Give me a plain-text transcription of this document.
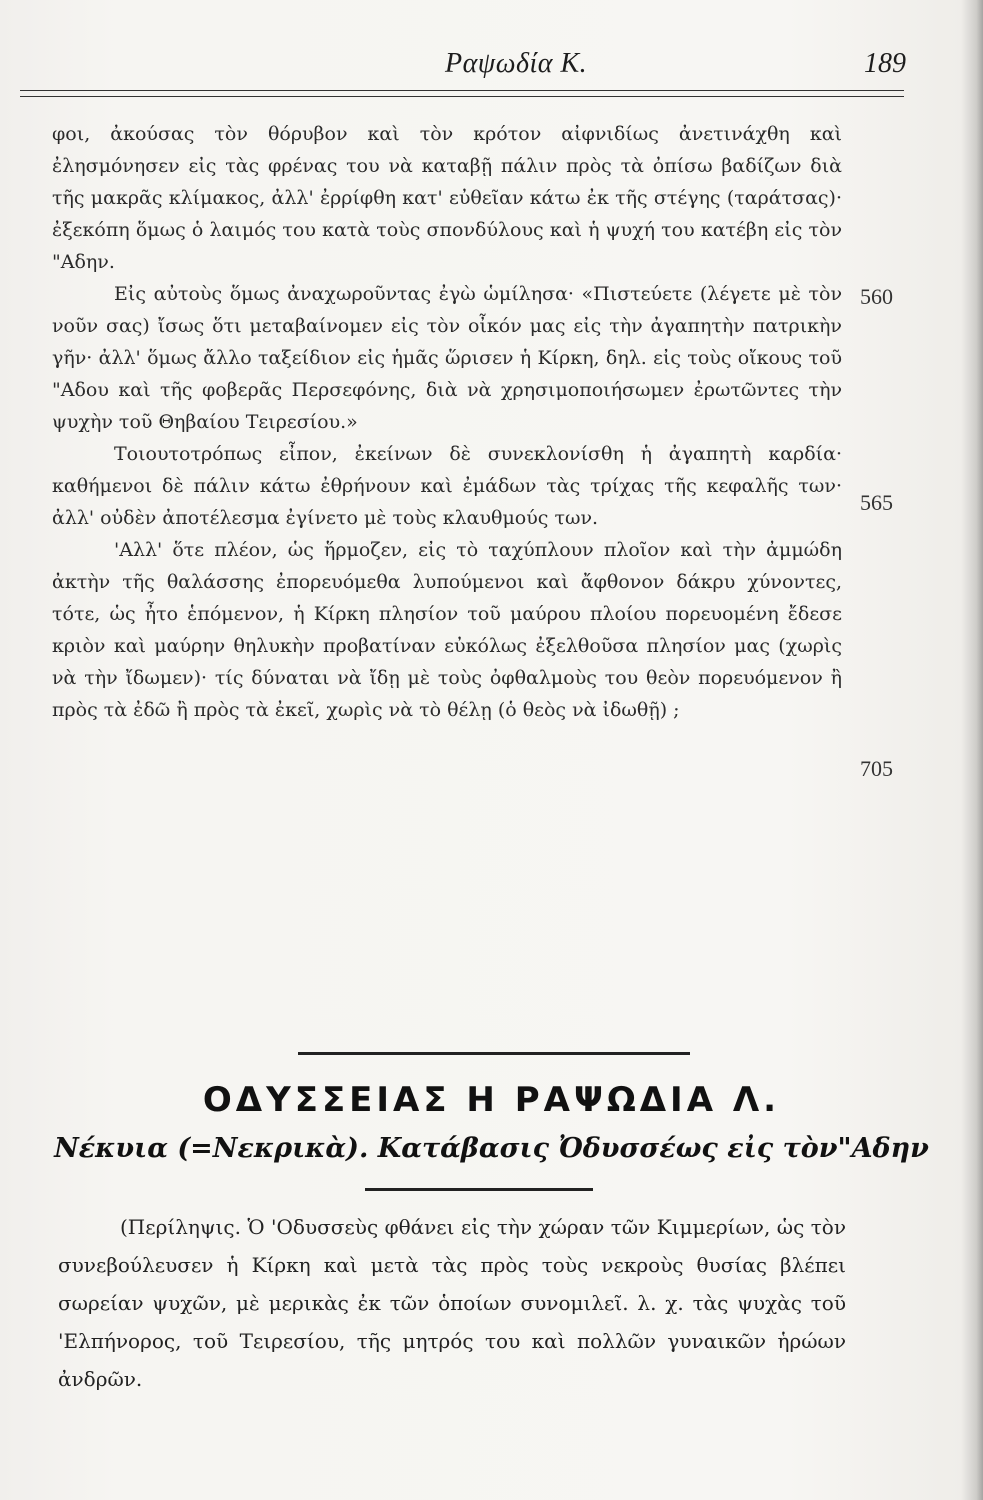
Ραψωδία Κ.	189

φοι, ἀκούσας τὸν θόρυβον καὶ τὸν κρότον αἰφνιδίως ἀνετινάχθη καὶ ἐλησμόνησεν εἰς τὰς φρένας του νὰ καταβῇ πάλιν πρὸς τὰ ὀπίσω βαδίζων διὰ τῆς μακρᾶς κλίμακος, ἀλλ' ἐρρίφθη κατ' εὐθεῖαν κάτω ἐκ τῆς στέγης (ταράτσας)· ἐξεκόπη ὅμως ὁ λαιμός του κατὰ τοὺς σπονδύλους καὶ ἡ ψυχή του κατέβη εἰς τὸν "Αδην.

Εἰς αὐτοὺς ὅμως ἀναχωροῦντας ἐγὼ ὡμίλησα· «Πιστεύετε (λέγετε μὲ τὸν νοῦν σας) ἴσως ὅτι μεταβαίνομεν εἰς τὸν οἶκόν μας εἰς τὴν ἀγαπητὴν πατρικὴν γῆν· ἀλλ' ὅμως ἄλλο ταξείδιον εἰς ἡμᾶς ὥρισεν ἡ Κίρκη, δηλ. εἰς τοὺς οἴκους τοῦ "Αδου καὶ τῆς φοβερᾶς Περσεφόνης, διὰ νὰ χρησιμοποιήσωμεν ἐρωτῶντες τὴν ψυχὴν τοῦ Θηβαίου Τειρεσίου.»

Τοιουτοτρόπως εἶπον, ἐκείνων δὲ συνεκλονίσθη ἡ ἀγαπητὴ καρδία· καθήμενοι δὲ πάλιν κάτω ἐθρήνουν καὶ ἐμάδων τὰς τρίχας τῆς κεφαλῆς των· ἀλλ' οὐδὲν ἀποτέλεσμα ἐγίνετο μὲ τοὺς κλαυθμούς των.

'Αλλ' ὅτε πλέον, ὡς ἥρμοζεν, εἰς τὸ ταχύπλουν πλοῖον καὶ τὴν ἀμμώδη ἀκτὴν τῆς θαλάσσης ἐπορευόμεθα λυπούμενοι καὶ ἄφθονον δάκρυ χύνοντες, τότε, ὡς ἦτο ἑπόμενον, ἡ Κίρκη πλησίον τοῦ μαύρου πλοίου πορευομένη ἔδεσε κριὸν καὶ μαύρην θηλυκὴν προβατίναν εὐκόλως ἐξελθοῦσα πλησίον μας (χωρὶς νὰ τὴν ἴδωμεν)· τίς δύναται νὰ ἴδῃ μὲ τοὺς ὀφθαλμοὺς του θεὸν πορευόμενον ἢ πρὸς τὰ ἐδῶ ἢ πρὸς τὰ ἐκεῖ, χωρὶς νὰ τὸ θέλῃ (ὁ θεὸς νὰ ἰδωθῇ) ;

560
565
705
ΟΔΥΣΣΕΙΑΣ Η ΡΑΨΩΔΙΑ Λ.
Νέκυια (=Νεκρικὰ). Κατάβασις Ὀδυσσέως εἰς τὸν"Αδην

(Περίληψις. Ὁ 'Οδυσσεὺς φθάνει εἰς τὴν χώραν τῶν Κιμμερίων, ὡς τὸν συνεβούλευσεν ἡ Κίρκη καὶ μετὰ τὰς πρὸς τοὺς νεκροὺς θυσίας βλέπει σωρείαν ψυχῶν, μὲ μερικὰς ἐκ τῶν ὁποίων συνομιλεῖ. λ. χ. τὰς ψυχὰς τοῦ 'Ελπήνορος, τοῦ Τειρεσίου, τῆς μητρός του καὶ πολλῶν γυναικῶν ἡρώων ἀνδρῶν.
